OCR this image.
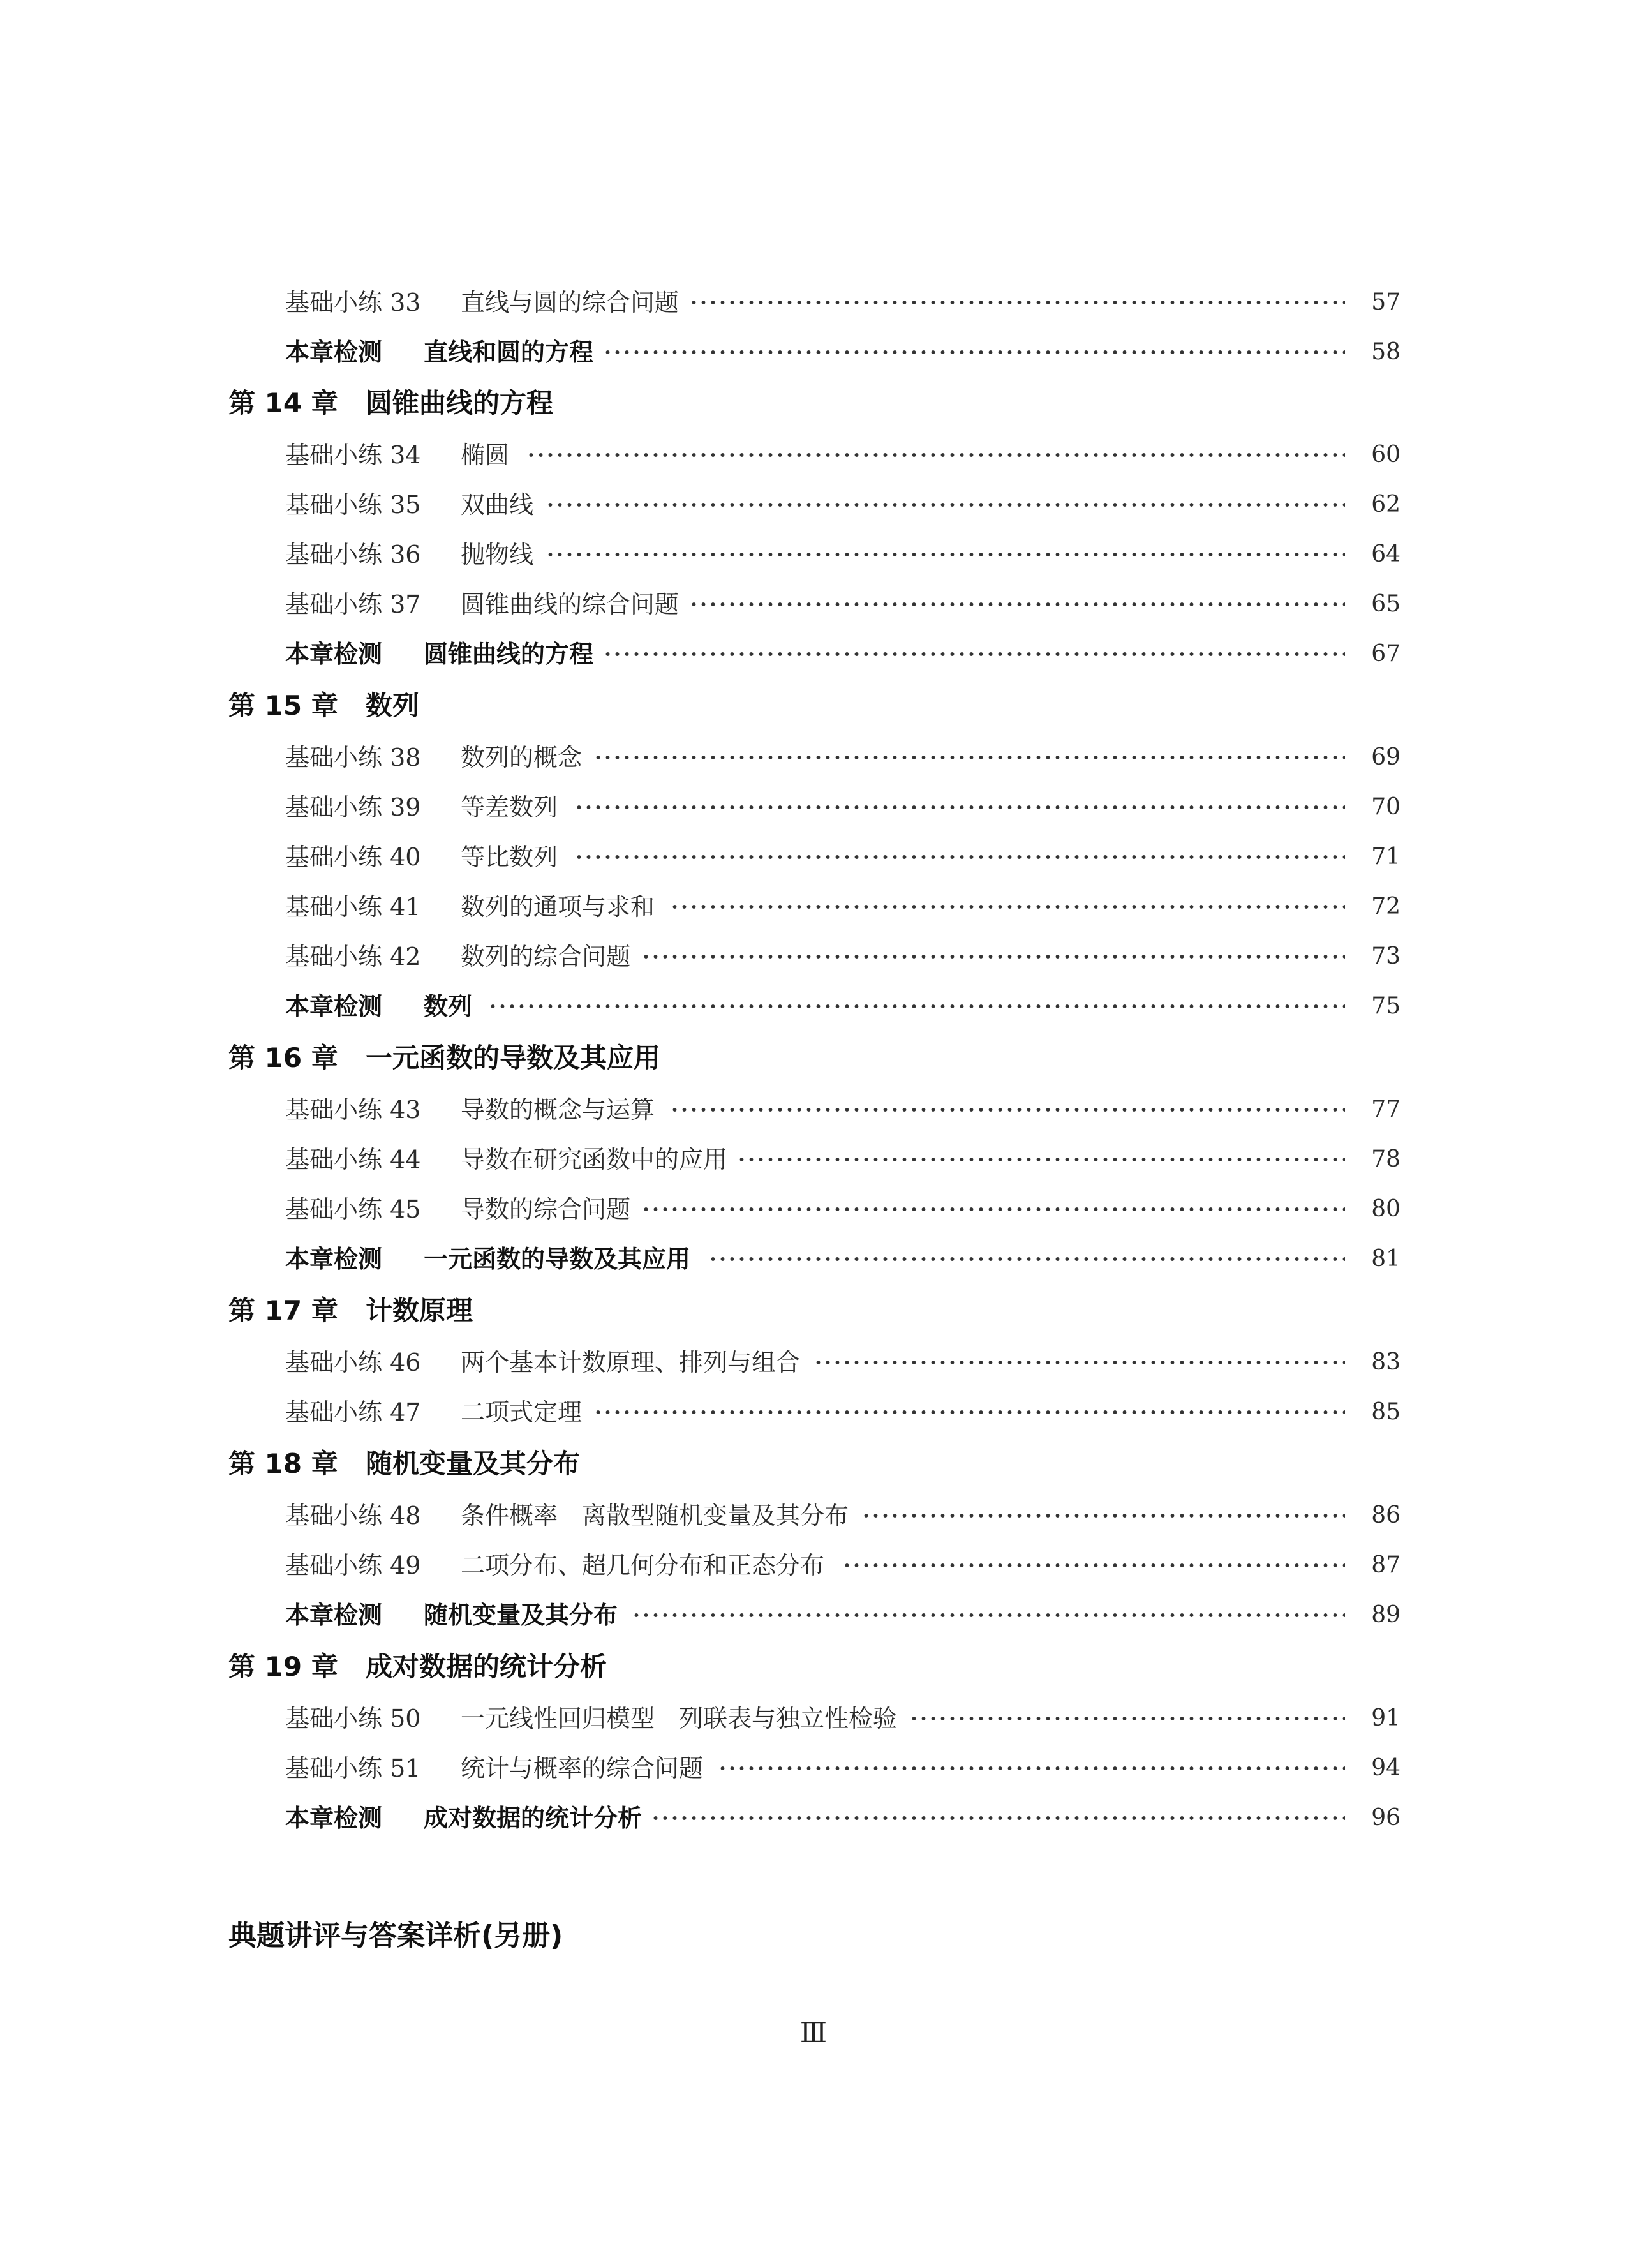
基础小练 33 直线与圆的综合问题	57
本章检测 直线和圆的方程	58
第 14 章 圆锥曲线的方程
基础小练 34 椭圆	60
基础小练 35 双曲线	62
基础小练 36 抛物线	64
基础小练 37 圆锥曲线的综合问题	65
本章检测 圆锥曲线的方程	67
第 15 章 数列
基础小练 38 数列的概念	69
基础小练 39 等差数列	70
基础小练 40 等比数列	71
基础小练 41 数列的通项与求和	72
基础小练 42 数列的综合问题	73
本章检测 数列	75
第 16 章 一元函数的导数及其应用
基础小练 43 导数的概念与运算	77
基础小练 44 导数在研究函数中的应用	78
基础小练 45 导数的综合问题	80
本章检测 一元函数的导数及其应用	81
第 17 章 计数原理
基础小练 46 两个基本计数原理、排列与组合	83
基础小练 47 二项式定理	85
第 18 章 随机变量及其分布
基础小练 48 条件概率　离散型随机变量及其分布	86
基础小练 49 二项分布、超几何分布和正态分布	87
本章检测 随机变量及其分布	89
第 19 章 成对数据的统计分析
基础小练 50 一元线性回归模型　列联表与独立性检验	91
基础小练 51 统计与概率的综合问题	94
本章检测 成对数据的统计分析	96
典题讲评与答案详析(另册)
Ⅲ
